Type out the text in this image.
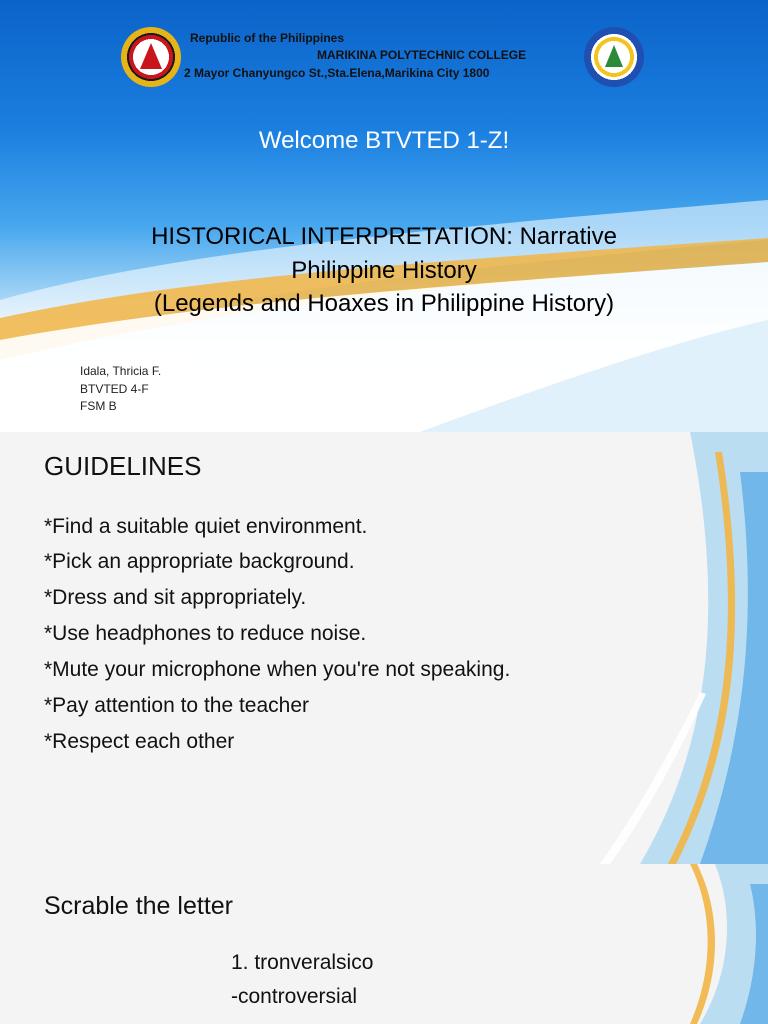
Republic of the Philippines
MARIKINA POLYTECHNIC COLLEGE
2 Mayor Chanyungco St.,Sta.Elena,Marikina City 1800
Welcome BTVTED 1-Z!
HISTORICAL INTERPRETATION: Narrative
Philippine History
(Legends and Hoaxes in Philippine History)
Idala, Thricia F.
BTVTED 4-F
FSM B
GUIDELINES
*Find a suitable quiet environment.
*Pick an appropriate background.
*Dress and sit appropriately.
*Use headphones to reduce noise.
*Mute your microphone when you're not speaking.
*Pay attention to the teacher
*Respect each other
Scrable the letter
1. tronveralsico
-controversial
